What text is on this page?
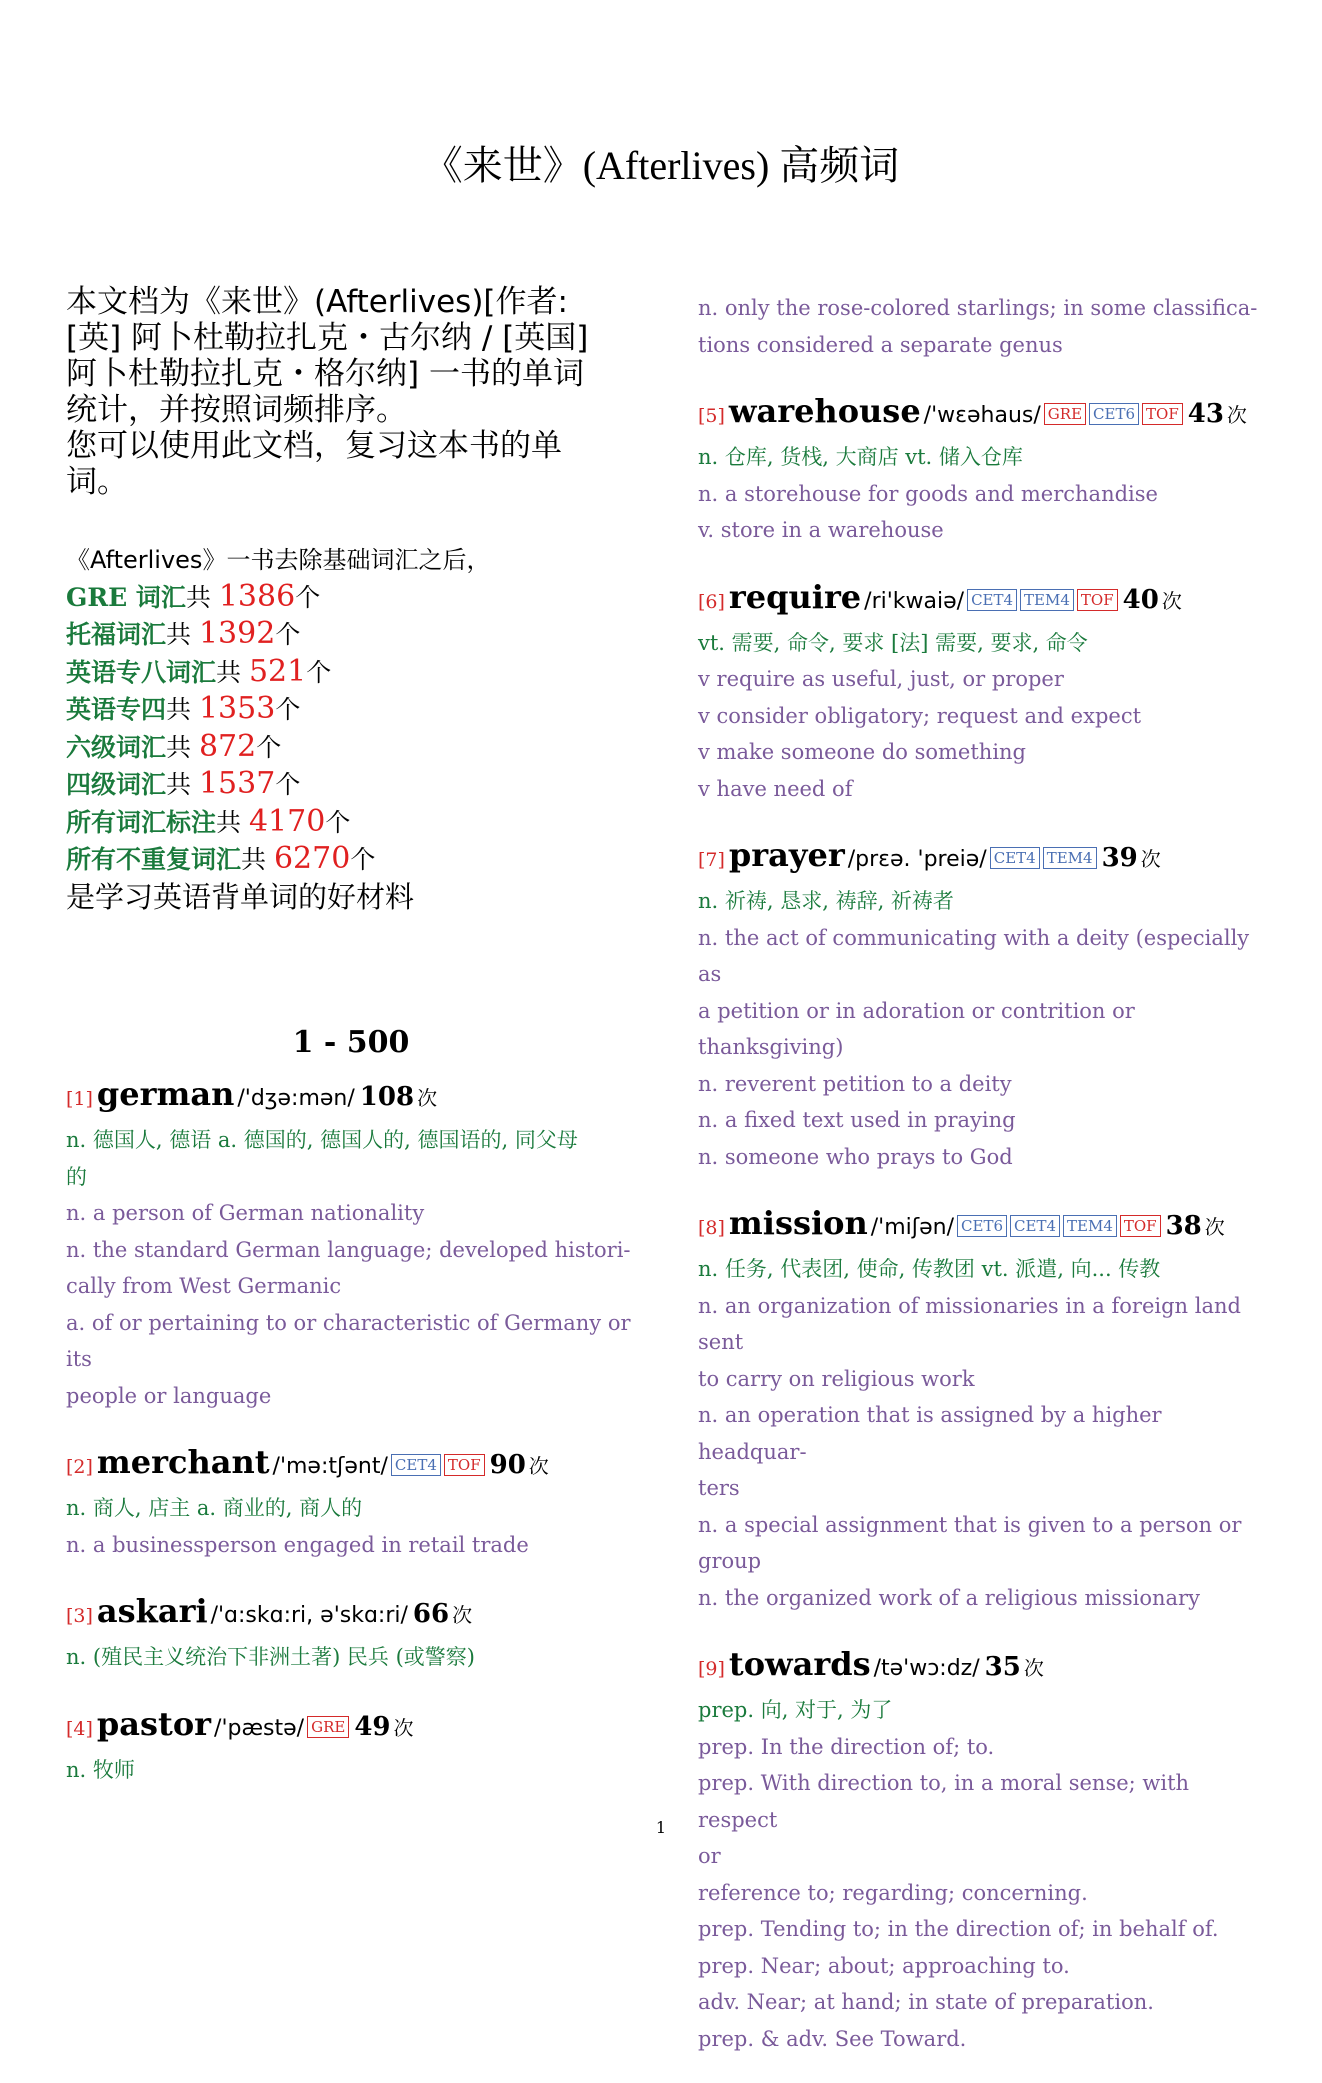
《来世》(Afterlives) 高频词

本文档为《来世》(Afterlives)[作者:

[英] 阿卜杜勒拉扎克・古尔纳 / [英国]

阿卜杜勒拉扎克・格尔纳] 一书的单词

统计，并按照词频排序。

您可以使用此文档，复习这本书的单

词。

《Afterlives》一书去除基础词汇之后，
GRE 词汇共 1386个
托福词汇共 1392个
英语专八词汇共 521个
英语专四共 1353个
六级词汇共 872个
四级词汇共 1537个
所有词汇标注共 4170个
所有不重复词汇共 6270个
是学习英语背单词的好材料
1 - 500
[1] german /'dʒə:mən/ 108 次
n. 德国人, 德语 a. 德国的, 德国人的, 德国语的, 同父母
的
n. a person of German nationality
n. the standard German language; developed histori-
cally from West Germanic
a. of or pertaining to or characteristic of Germany or its
people or language
[2] merchant /'mə:tʃənt/ CET4 TOF 90 次
n. 商人, 店主 a. 商业的, 商人的
n. a businessperson engaged in retail trade
[3] askari /'ɑ:skɑ:ri, ə'skɑ:ri/ 66 次
n. (殖民主义统治下非洲土著) 民兵 (或警察)
[4] pastor /'pæstə/ GRE 49 次
n. 牧师
n. only the rose-colored starlings; in some classifica-
tions considered a separate genus
[5] warehouse /'wɛəhaus/ GRE CET6 TOF 43 次
n. 仓库, 货栈, 大商店 vt. 储入仓库
n. a storehouse for goods and merchandise
v. store in a warehouse
[6] require /ri'kwaiə/ CET4 TEM4 TOF 40 次
vt. 需要, 命令, 要求 [法] 需要, 要求, 命令
v require as useful, just, or proper
v consider obligatory; request and expect
v make someone do something
v have need of
[7] prayer /prɛə. 'preiə/ CET4 TEM4 39 次
n. 祈祷, 恳求, 祷辞, 祈祷者
n. the act of communicating with a deity (especially as
a petition or in adoration or contrition or thanksgiving)
n. reverent petition to a deity
n. a fixed text used in praying
n. someone who prays to God
[8] mission /'miʃən/ CET6 CET4 TEM4 TOF 38 次
n. 任务, 代表团, 使命, 传教团 vt. 派遣, 向... 传教
n. an organization of missionaries in a foreign land sent
to carry on religious work
n. an operation that is assigned by a higher headquar-
ters
n. a special assignment that is given to a person or
group
n. the organized work of a religious missionary
[9] towards /tə'wɔ:dz/ 35 次
prep. 向, 对于, 为了
prep. In the direction of; to.
prep. With direction to, in a moral sense; with respect
or
reference to; regarding; concerning.
prep. Tending to; in the direction of; in behalf of.
prep. Near; about; approaching to.
adv. Near; at hand; in state of preparation.
prep. & adv. See Toward.
1
